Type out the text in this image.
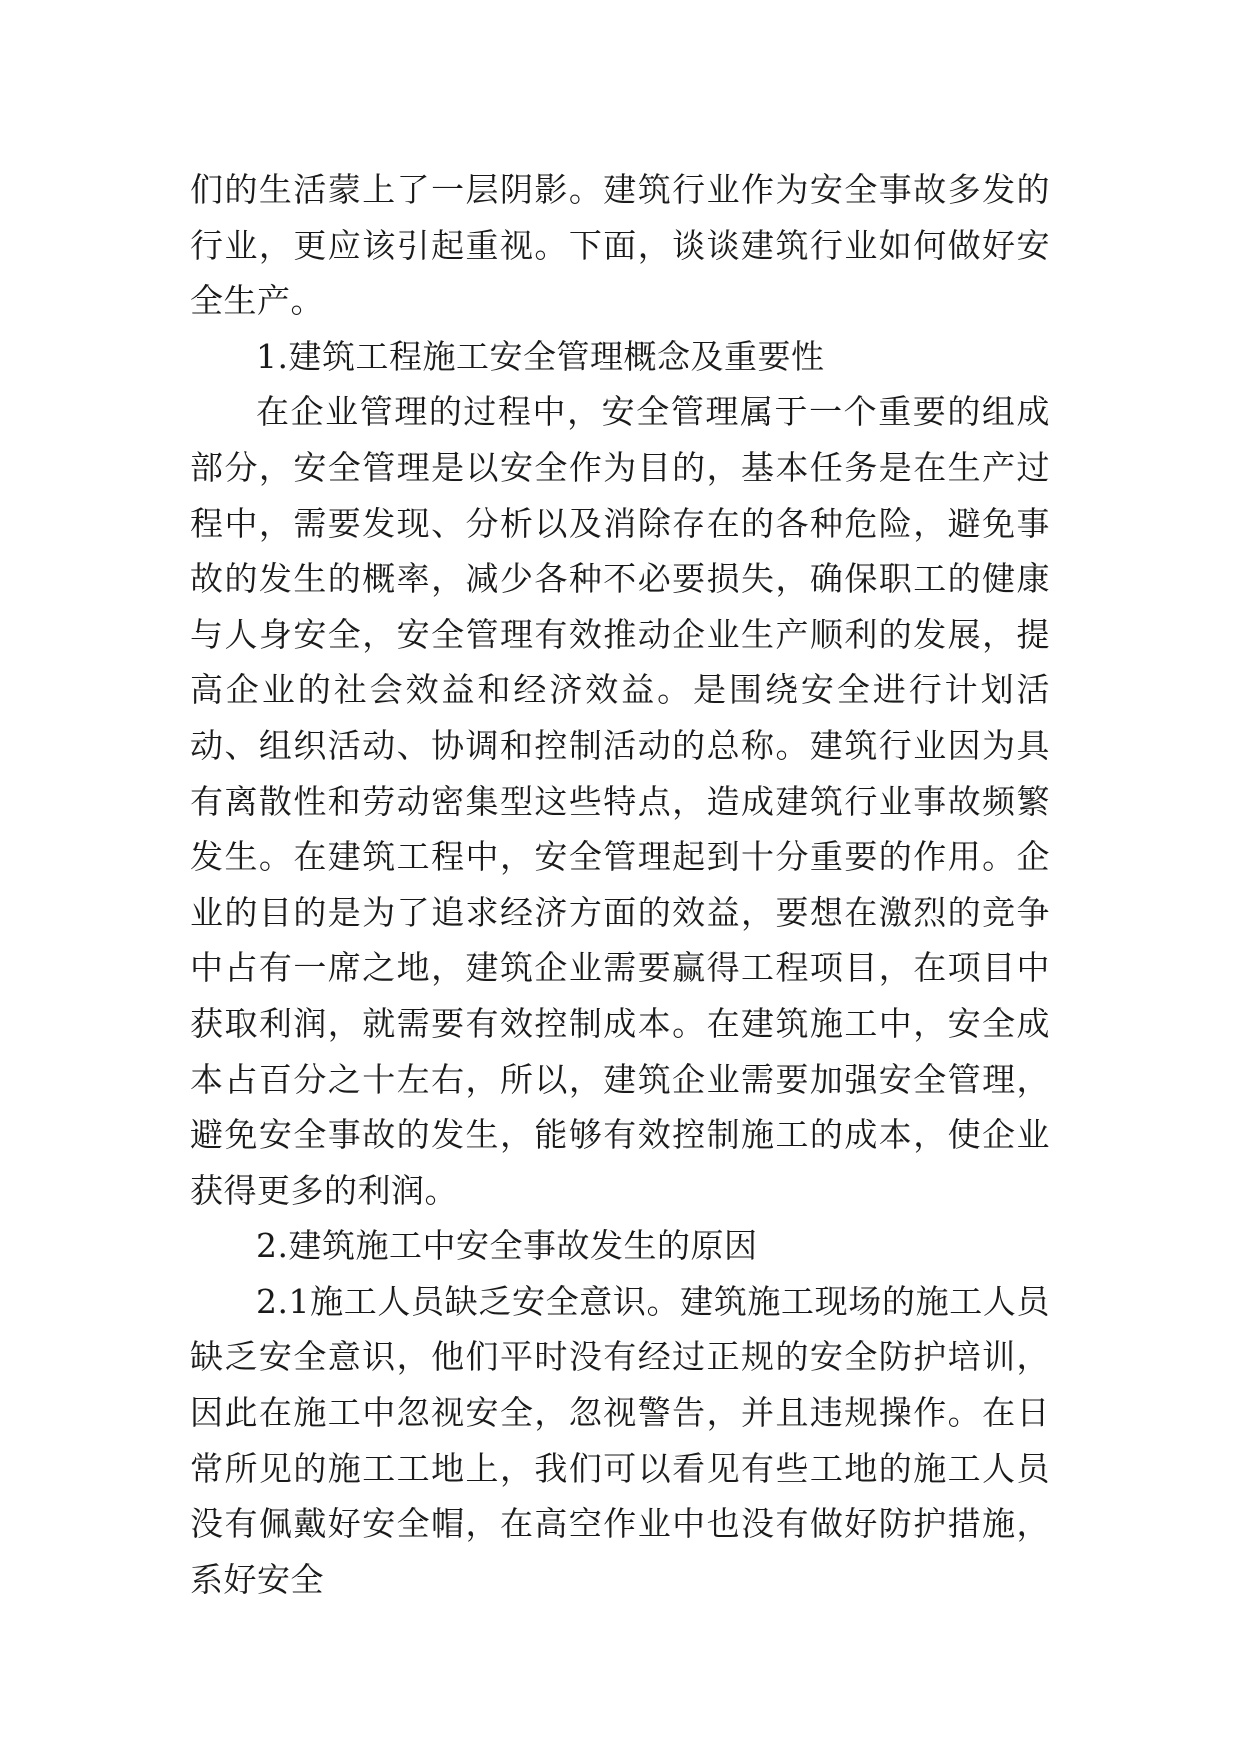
们的生活蒙上了一层阴影。建筑行业作为安全事故多发的行业，更应该引起重视。下面，谈谈建筑行业如何做好安全生产。

1.建筑工程施工安全管理概念及重要性

在企业管理的过程中，安全管理属于一个重要的组成部分，安全管理是以安全作为目的，基本任务是在生产过程中，需要发现、分析以及消除存在的各种危险，避免事故的发生的概率，减少各种不必要损失，确保职工的健康与人身安全，安全管理有效推动企业生产顺利的发展，提高企业的社会效益和经济效益。是围绕安全进行计划活动、组织活动、协调和控制活动的总称。建筑行业因为具有离散性和劳动密集型这些特点，造成建筑行业事故频繁发生。在建筑工程中，安全管理起到十分重要的作用。企业的目的是为了追求经济方面的效益，要想在激烈的竞争中占有一席之地，建筑企业需要赢得工程项目，在项目中获取利润，就需要有效控制成本。在建筑施工中，安全成本占百分之十左右，所以，建筑企业需要加强安全管理，避免安全事故的发生，能够有效控制施工的成本，使企业获得更多的利润。

2.建筑施工中安全事故发生的原因

2.1施工人员缺乏安全意识。建筑施工现场的施工人员缺乏安全意识，他们平时没有经过正规的安全防护培训，因此在施工中忽视安全，忽视警告，并且违规操作。在日常所见的施工工地上，我们可以看见有些工地的施工人员没有佩戴好安全帽，在高空作业中也没有做好防护措施，系好安全
